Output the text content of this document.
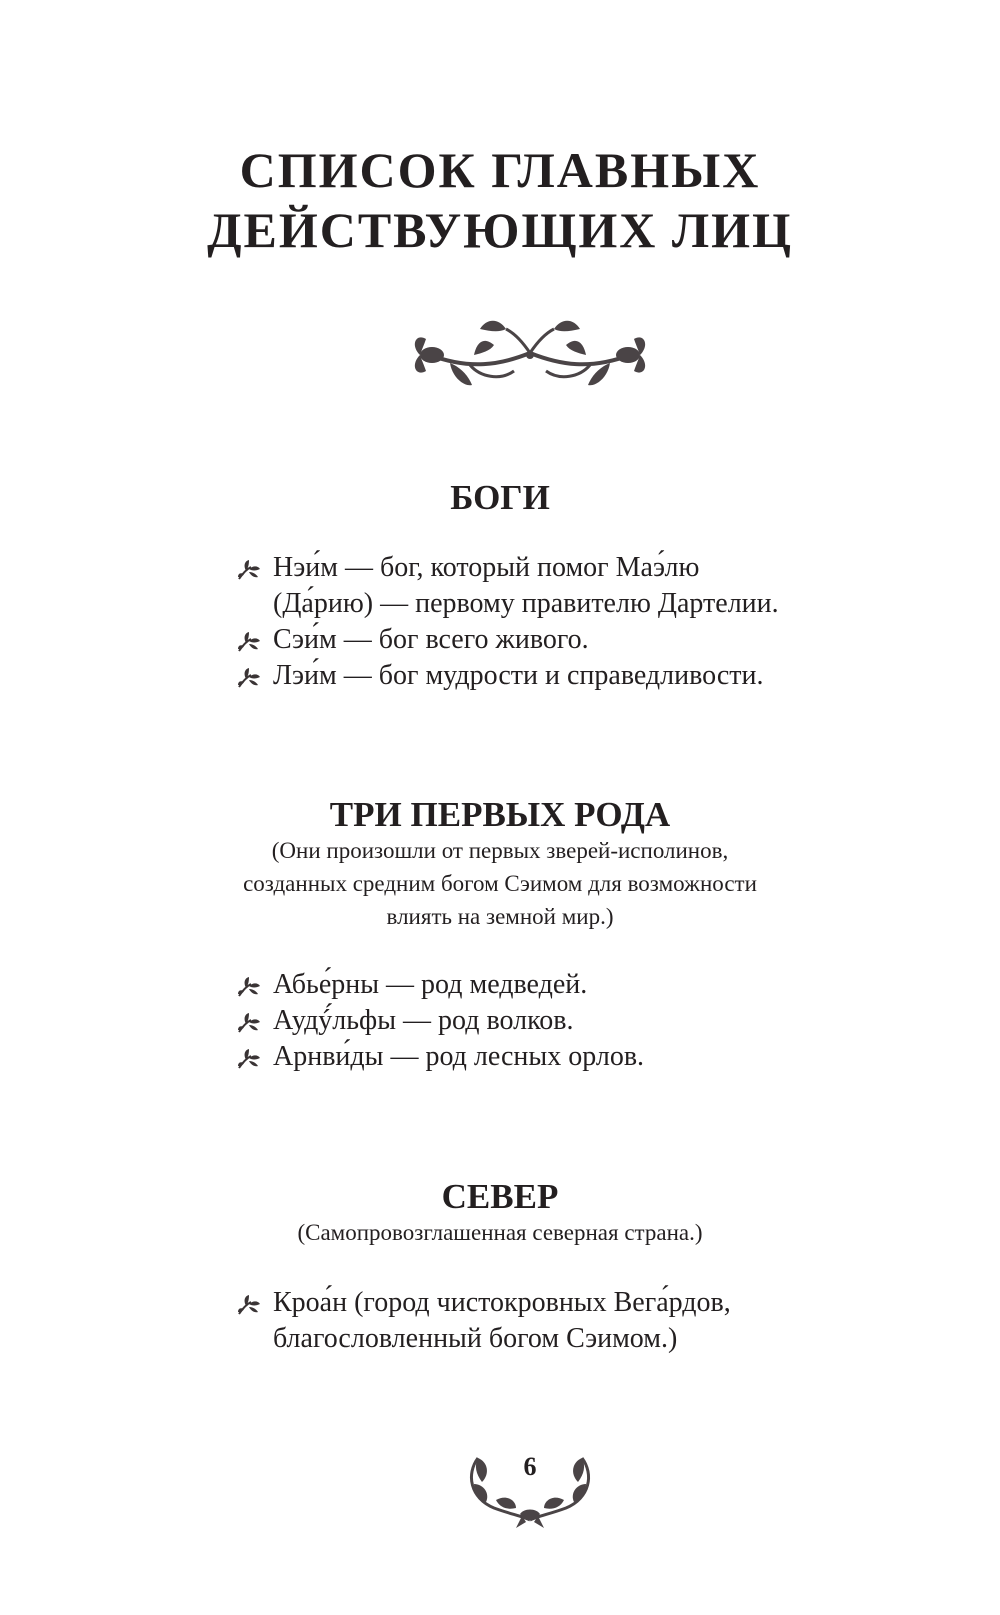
СПИСОК ГЛАВНЫХ
ДЕЙСТВУЮЩИХ ЛИЦ
БОГИ
Нэи́м — бог, который помог Маэ́лю
(Да́рию) — первому правителю Дартелии.
Сэи́м — бог всего живого.
Лэи́м — бог мудрости и справедливости.
ТРИ ПЕРВЫХ РОДА

(Они произошли от первых зверей-исполинов,
созданных средним богом Сэимом для возможности
влиять на земной мир.)

Абье́рны — род медведей.
Аудý́льфы — род волков.
Арнви́ды — род лесных орлов.
СЕВЕР

(Самопровозглашенная северная страна.)

Кроа́н (город чистокровных Вега́рдов,
благословленный богом Сэимом.)
6
